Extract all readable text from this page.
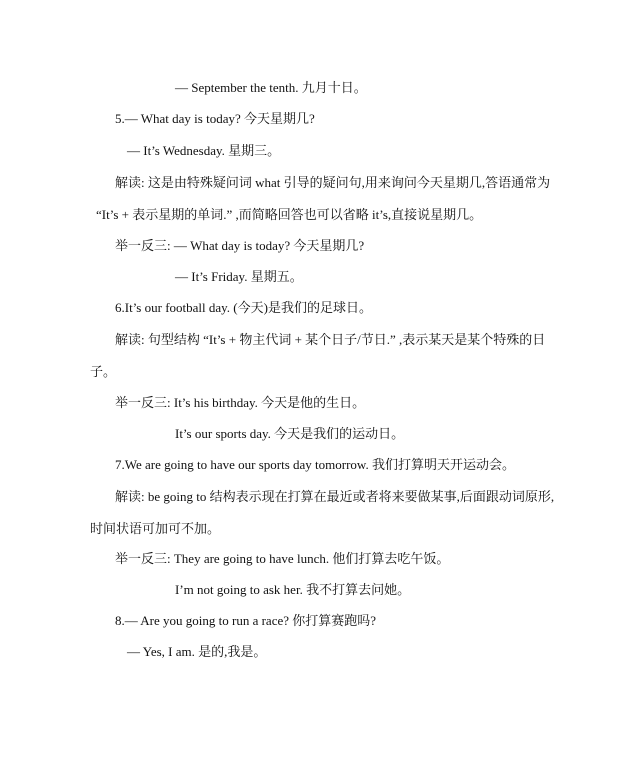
— September the tenth. 九月十日。
5.— What day is today? 今天星期几?
— It’s Wednesday. 星期三。
解读: 这是由特殊疑问词 what 引导的疑问句,用来询问今天星期几,答语通常为
“It’s + 表示星期的单词.” ,而简略回答也可以省略 it’s,直接说星期几。
举一反三: — What day is today? 今天星期几?
— It’s Friday. 星期五。
6.It’s our football day. (今天)是我们的足球日。
解读: 句型结构 “It’s + 物主代词 + 某个日子/节日.” ,表示某天是某个特殊的日
子。
举一反三: It’s his birthday. 今天是他的生日。
It’s our sports day. 今天是我们的运动日。
7.We are going to have our sports day tomorrow. 我们打算明天开运动会。
解读: be going to 结构表示现在打算在最近或者将来要做某事,后面跟动词原形,
时间状语可加可不加。
举一反三: They are going to have lunch. 他们打算去吃午饭。
I’m not going to ask her. 我不打算去问她。
8.— Are you going to run a race? 你打算赛跑吗?
— Yes, I am. 是的,我是。
